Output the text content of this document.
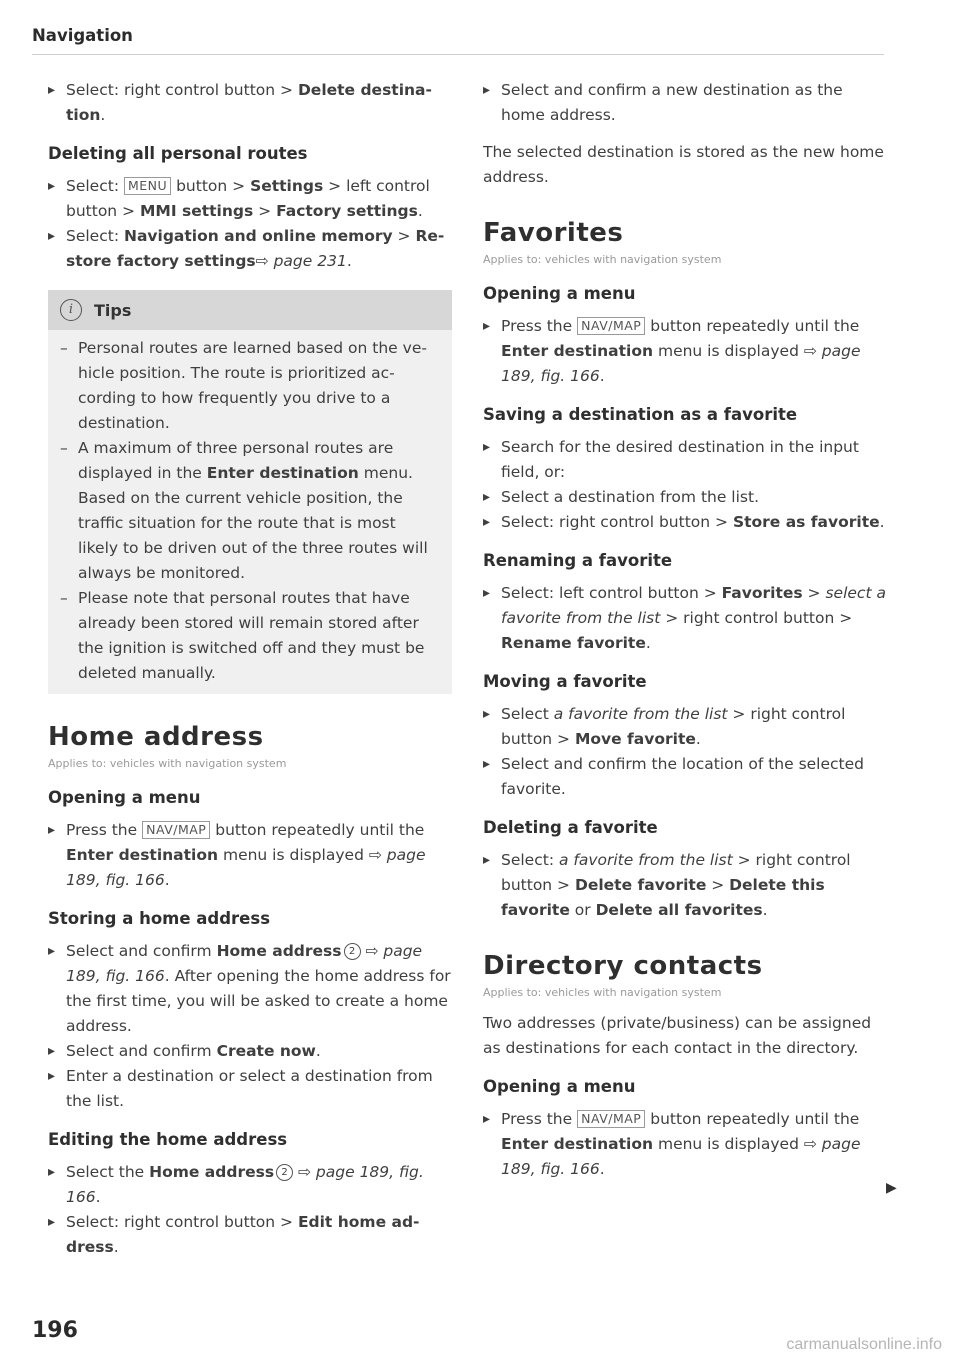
Navigation

▸ Select: right control button > Delete destina- tion.

Deleting all personal routes

▸ Select: MENU button > Settings > left control button > MMI settings > Factory settings.

▸ Select: Navigation and online memory > Re- store factory settings⇨ page 231.

i	Tips

– Personal routes are learned based on the ve- hicle position. The route is prioritized ac- cording to how frequently you drive to a destination.

– A maximum of three personal routes are displayed in the Enter destination menu. Based on the current vehicle position, the traffic situation for the route that is most likely to be driven out of the three routes will always be monitored.

– Please note that personal routes that have already been stored will remain stored after the ignition is switched off and they must be deleted manually.

Home address

Applies to: vehicles with navigation system

Opening a menu

▸ Press the NAV/MAP button repeatedly until the Enter destination menu is displayed ⇨ page 189, fig. 166.

Storing a home address

▸ Select and confirm Home address 2 ⇨ page 189, fig. 166. After opening the home address for the first time, you will be asked to create a home address.

▸ Select and confirm Create now.

▸ Enter a destination or select a destination from the list.

Editing the home address

▸ Select the Home address 2 ⇨ page 189, fig. 166.

▸ Select: right control button > Edit home ad- dress.

▸ Select and confirm a new destination as the home address.

The selected destination is stored as the new home address.

Favorites

Applies to: vehicles with navigation system

Opening a menu

▸ Press the NAV/MAP button repeatedly until the Enter destination menu is displayed ⇨ page 189, fig. 166.

Saving a destination as a favorite

▸ Search for the desired destination in the input field, or:

▸ Select a destination from the list.

▸ Select: right control button > Store as favorite.

Renaming a favorite

▸ Select: left control button > Favorites > select a favorite from the list > right control button > Rename favorite.

Moving a favorite

▸ Select a favorite from the list > right control button > Move favorite.

▸ Select and confirm the location of the selected favorite.

Deleting a favorite

▸ Select: a favorite from the list > right control button > Delete favorite > Delete this favorite or Delete all favorites.

Directory contacts

Applies to: vehicles with navigation system

Two addresses (private/business) can be assigned as destinations for each contact in the directory.

Opening a menu

▸ Press the NAV/MAP button repeatedly until the Enter destination menu is displayed ⇨ page 189, fig. 166.

▶
196
carmanualsonline.info
